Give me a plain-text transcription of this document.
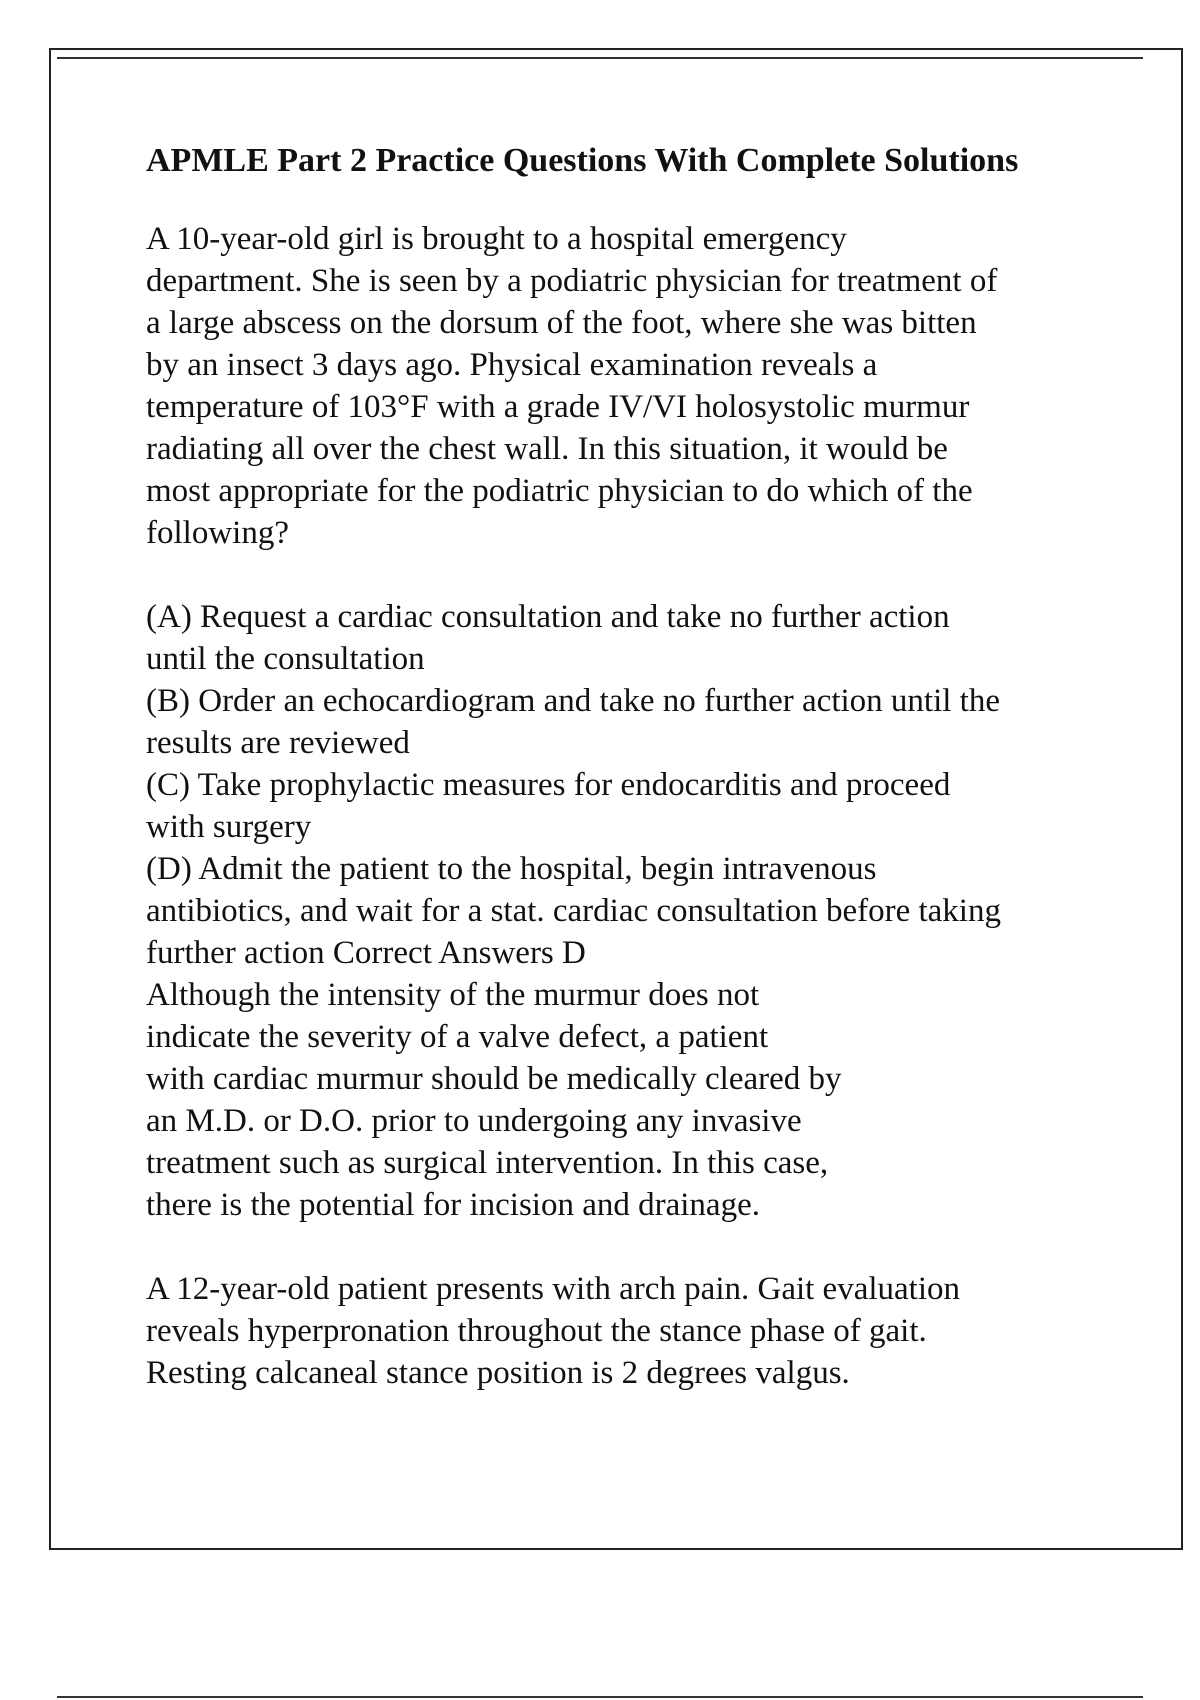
APMLE Part 2 Practice Questions With Complete Solutions
A 10-year-old girl is brought to a hospital emergency
department. She is seen by a podiatric physician for treatment of
a large abscess on the dorsum of the foot, where she was bitten
by an insect 3 days ago. Physical examination reveals a
temperature of 103°F with a grade IV/VI holosystolic murmur
radiating all over the chest wall. In this situation, it would be
most appropriate for the podiatric physician to do which of the
following?
(A) Request a cardiac consultation and take no further action
until the consultation
(B) Order an echocardiogram and take no further action until the
results are reviewed
(C) Take prophylactic measures for endocarditis and proceed
with surgery
(D) Admit the patient to the hospital, begin intravenous
antibiotics, and wait for a stat. cardiac consultation before taking
further action Correct Answers D
Although the intensity of the murmur does not
indicate the severity of a valve defect, a patient
with cardiac murmur should be medically cleared by
an M.D. or D.O. prior to undergoing any invasive
treatment such as surgical intervention. In this case,
there is the potential for incision and drainage.
A 12-year-old patient presents with arch pain. Gait evaluation
reveals hyperpronation throughout the stance phase of gait.
Resting calcaneal stance position is 2 degrees valgus.
